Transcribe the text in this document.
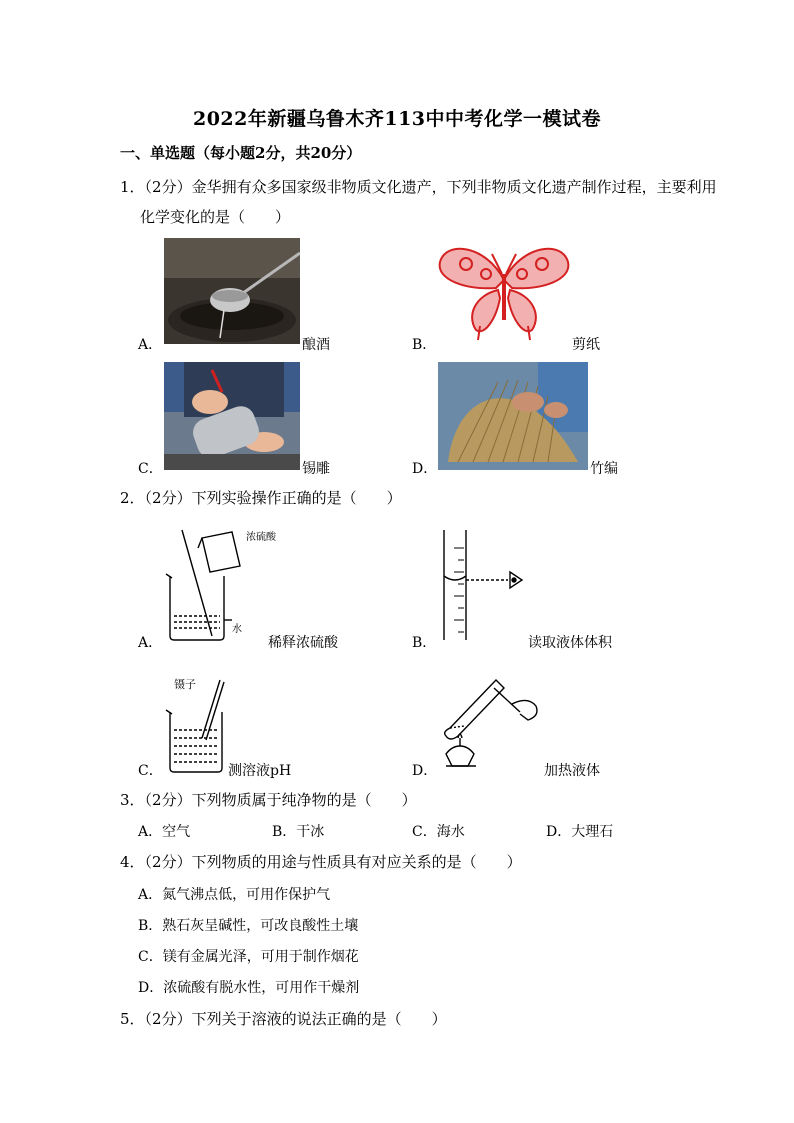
2022年新疆乌鲁木齐113中中考化学一模试卷
一、单选题（每小题2分，共20分）
1．（2分）金华拥有众多国家级非物质文化遗产，下列非物质文化遗产制作过程，主要利用
化学变化的是（　　）
A．	酿酒	B．	剪纸
C．	锡雕	D．	竹编
2．（2分）下列实验操作正确的是（　　）
浓硫酸
水
A．	稀释浓硫酸	B．	读取液体体积
镊子
C．	测溶液pH	D．	加热液体
3．（2分）下列物质属于纯净物的是（　　）
A．空气	B．干冰	C．海水	D．大理石
4．（2分）下列物质的用途与性质具有对应关系的是（　　）
A．氮气沸点低，可用作保护气
B．熟石灰呈碱性，可改良酸性土壤
C．镁有金属光泽，可用于制作烟花
D．浓硫酸有脱水性，可用作干燥剂
5．（2分）下列关于溶液的说法正确的是（　　）
